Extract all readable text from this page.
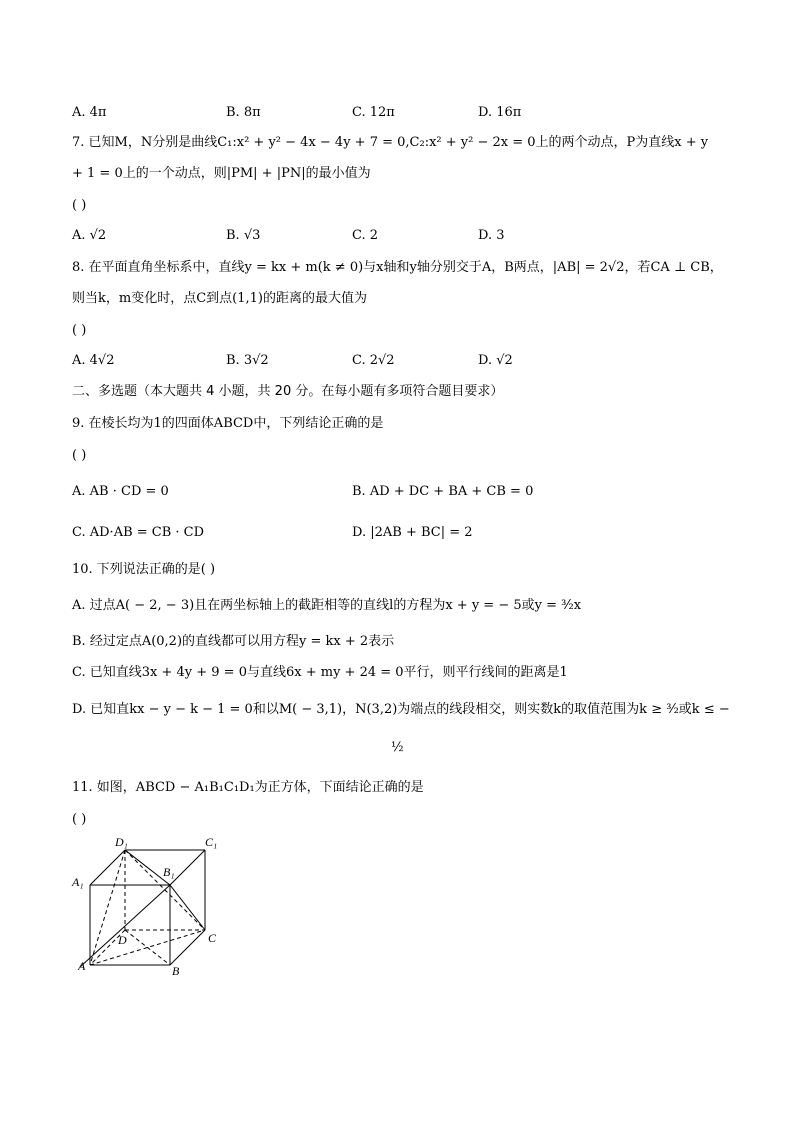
A. 4π	B. 8π	C. 12π	D. 16π
7. 已知M，N分别是曲线C₁:x² + y² − 4x − 4y + 7 = 0,C₂:x² + y² − 2x = 0上的两个动点，P为直线x + y
+ 1 = 0上的一个动点，则|PM| + |PN|的最小值为
( )
A. √2	B. √3	C. 2	D. 3
8. 在平面直角坐标系中，直线y = kx + m(k ≠ 0)与x轴和y轴分别交于A，B两点，|AB| = 2√2，若CA ⊥ CB，
则当k，m变化时，点C到点(1,1)的距离的最大值为
( )
A. 4√2	B. 3√2	C. 2√2	D. √2
二、多选题（本大题共 4 小题，共 20 分。在每小题有多项符合题目要求）
9. 在棱长均为1的四面体ABCD中，下列结论正确的是
( )
A. AB · CD = 0	B. AD + DC + BA + CB = 0
C. AD·AB = CB · CD	D. |2AB + BC| = 2
10. 下列说法正确的是( )
A. 过点A( − 2, − 3)且在两坐标轴上的截距相等的直线l的方程为x + y = − 5或y = ³⁄₂x
B. 经过定点A(0,2)的直线都可以用方程y = kx + 2表示
C. 已知直线3x + 4y + 9 = 0与直线6x + my + 24 = 0平行，则平行线间的距离是1
D. 已知直kx − y − k − 1 = 0和以M( − 3,1)，N(3,2)为端点的线段相交，则实数k的取值范围为k ≥ ³⁄₂或k ≤ −
½
11. 如图，ABCD − A₁B₁C₁D₁为正方体，下面结论正确的是
( )
D₁	C₁
A₁
B₁
D	C
A	B
